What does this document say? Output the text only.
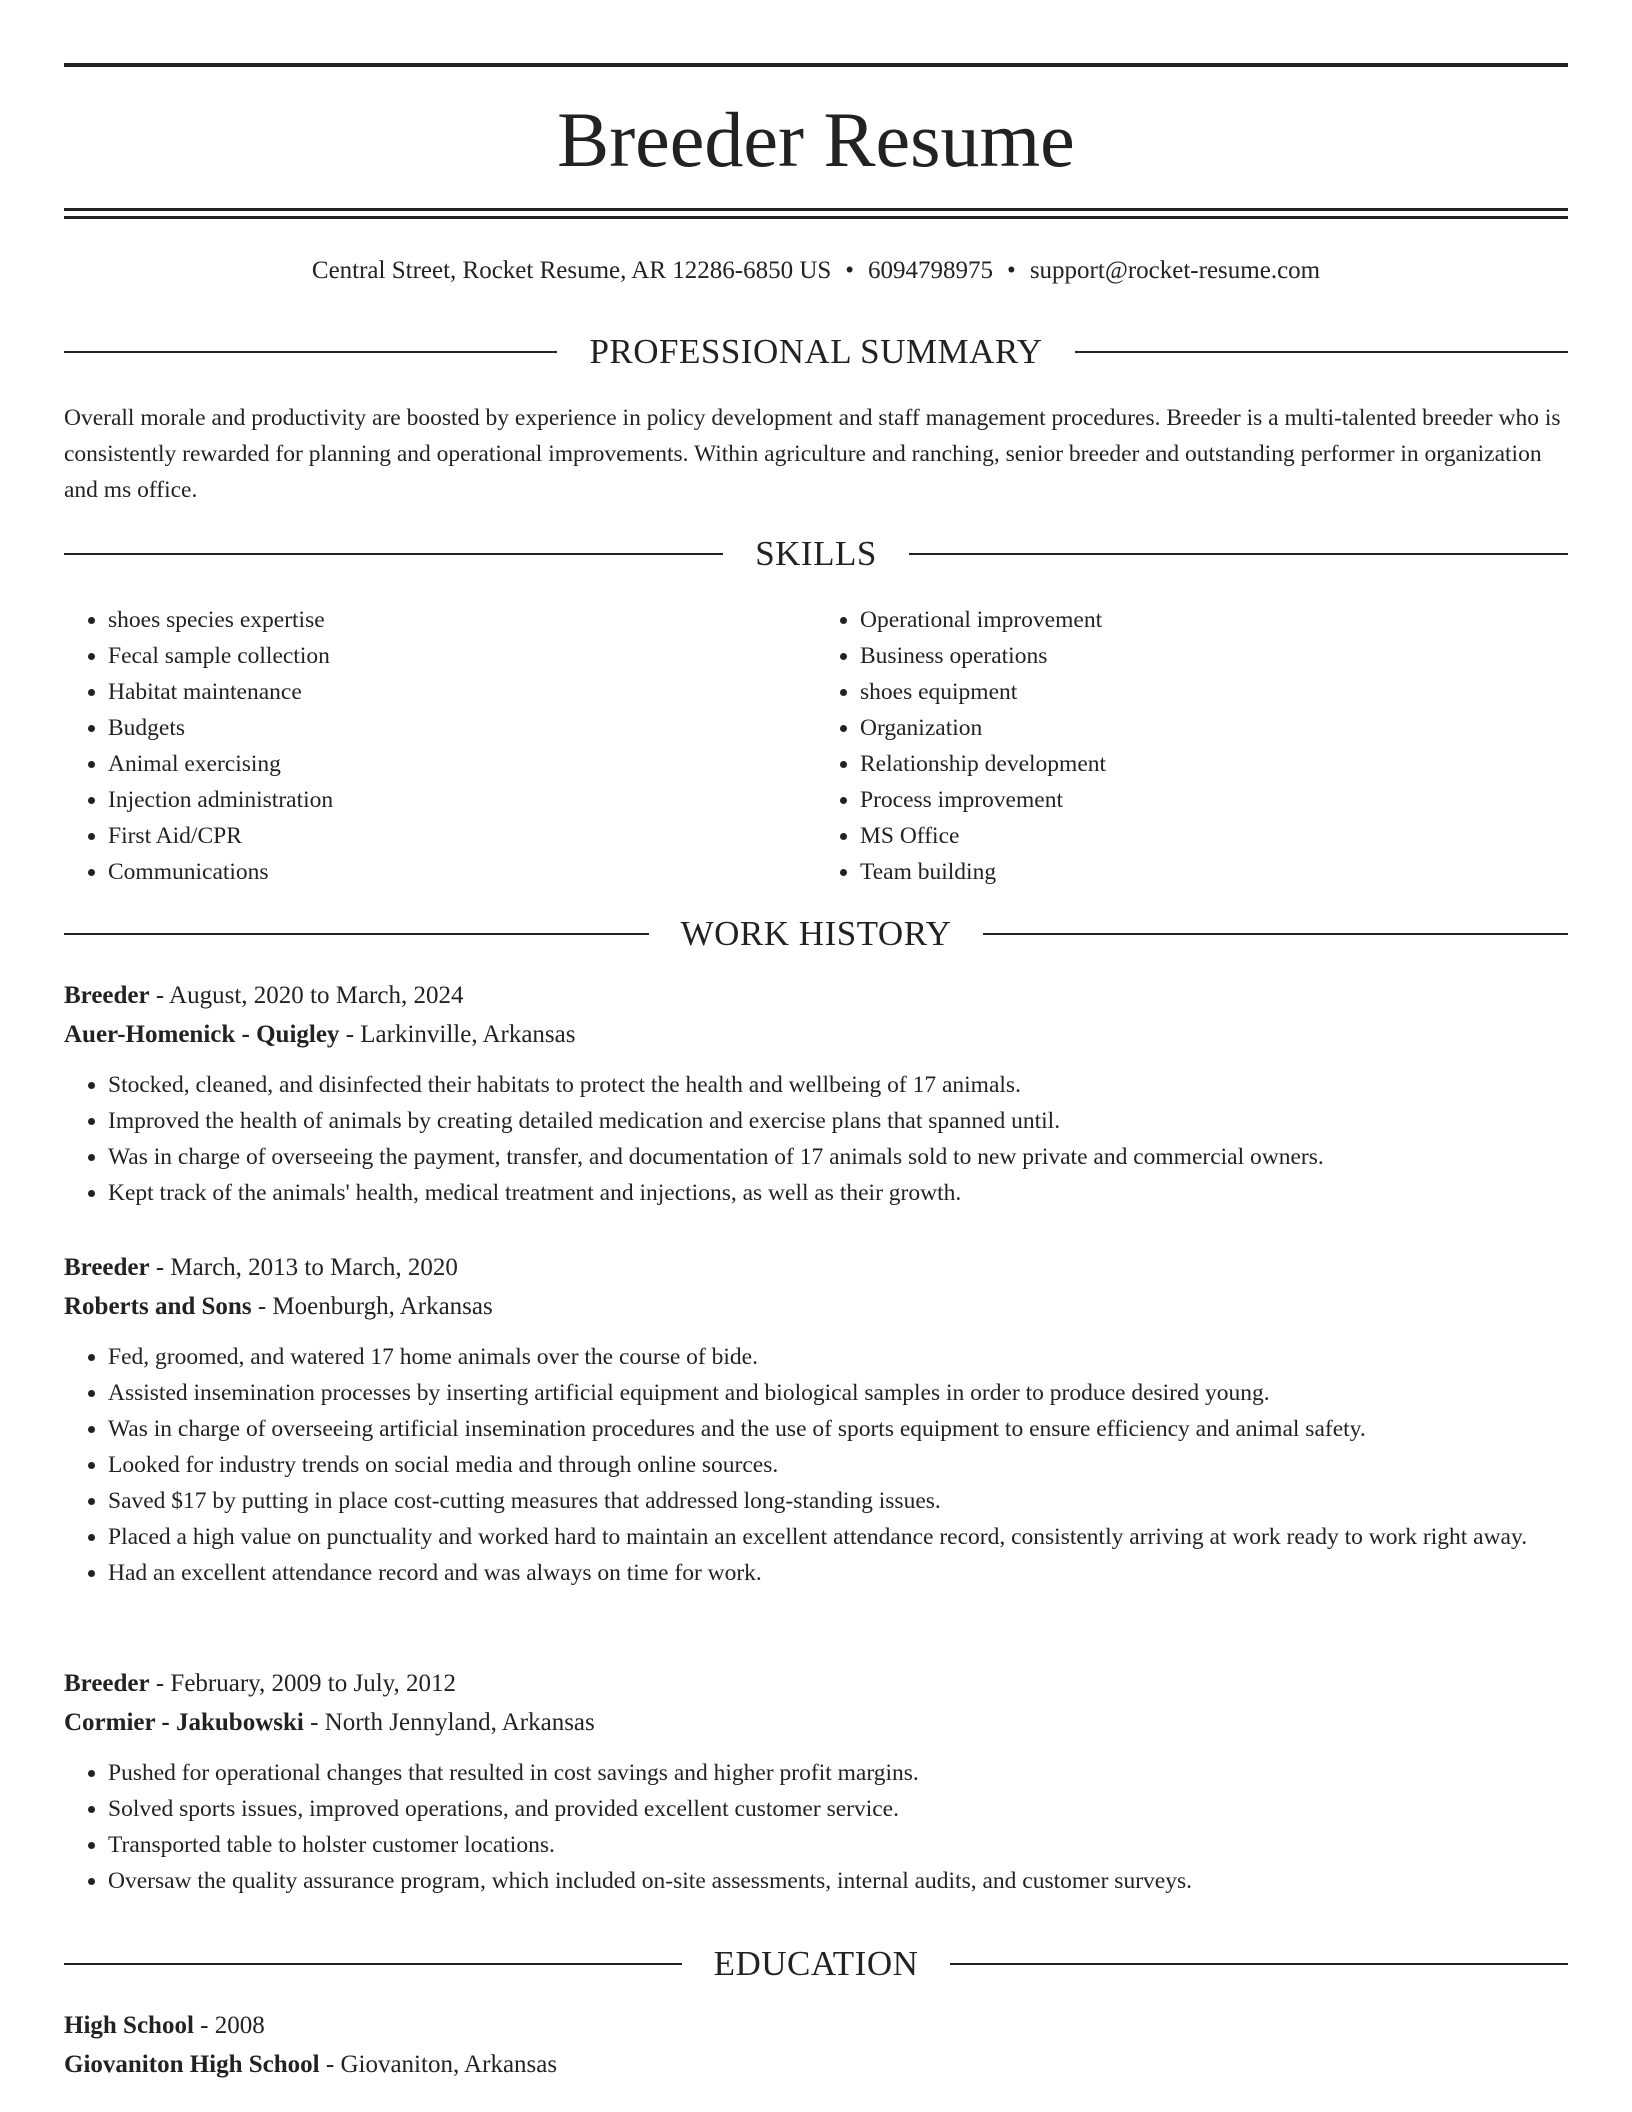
Breeder Resume
Central Street, Rocket Resume, AR 12286-6850 US • 6094798975 • support@rocket-resume.com
PROFESSIONAL SUMMARY

Overall morale and productivity are boosted by experience in policy development and staff management procedures. Breeder is a multi-talented breeder who is consistently rewarded for planning and operational improvements. Within agriculture and ranching, senior breeder and outstanding performer in organization and ms office.

SKILLS
• shoes species expertise
• Fecal sample collection
• Habitat maintenance
• Budgets
• Animal exercising
• Injection administration
• First Aid/CPR
• Communications
• Operational improvement
• Business operations
• shoes equipment
• Organization
• Relationship development
• Process improvement
• MS Office
• Team building
WORK HISTORY
Breeder - August, 2020 to March, 2024
Auer-Homenick - Quigley - Larkinville, Arkansas
• Stocked, cleaned, and disinfected their habitats to protect the health and wellbeing of 17 animals.
• Improved the health of animals by creating detailed medication and exercise plans that spanned until.
• Was in charge of overseeing the payment, transfer, and documentation of 17 animals sold to new private and commercial owners.
• Kept track of the animals' health, medical treatment and injections, as well as their growth.
Breeder - March, 2013 to March, 2020
Roberts and Sons - Moenburgh, Arkansas
• Fed, groomed, and watered 17 home animals over the course of bide.
• Assisted insemination processes by inserting artificial equipment and biological samples in order to produce desired young.
• Was in charge of overseeing artificial insemination procedures and the use of sports equipment to ensure efficiency and animal safety.
• Looked for industry trends on social media and through online sources.
• Saved $17 by putting in place cost-cutting measures that addressed long-standing issues.
• Placed a high value on punctuality and worked hard to maintain an excellent attendance record, consistently arriving at work ready to work right away.
• Had an excellent attendance record and was always on time for work.
Breeder - February, 2009 to July, 2012
Cormier - Jakubowski - North Jennyland, Arkansas
• Pushed for operational changes that resulted in cost savings and higher profit margins.
• Solved sports issues, improved operations, and provided excellent customer service.
• Transported table to holster customer locations.
• Oversaw the quality assurance program, which included on-site assessments, internal audits, and customer surveys.
EDUCATION
High School - 2008
Giovaniton High School - Giovaniton, Arkansas
